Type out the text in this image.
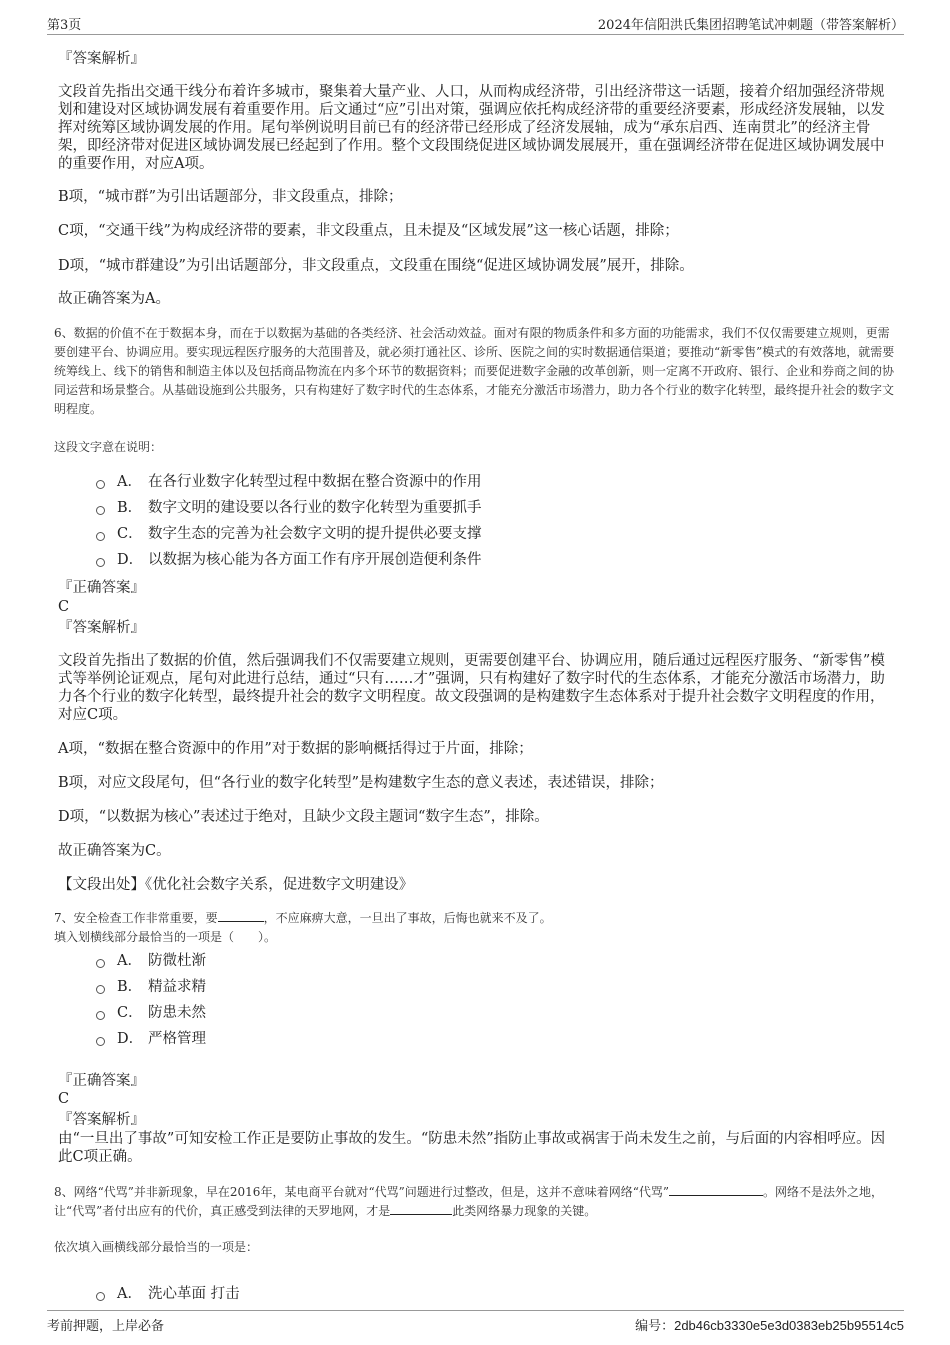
第3页	2024年信阳洪氏集团招聘笔试冲刺题（带答案解析）
『答案解析』

文段首先指出交通干线分布着许多城市，聚集着大量产业、人口，从而构成经济带，引出经济带这一话题，接着介绍加强经济带规划和建设对区域协调发展有着重要作用。后文通过“应”引出对策，强调应依托构成经济带的重要经济要素，形成经济发展轴，以发挥对统筹区域协调发展的作用。尾句举例说明目前已有的经济带已经形成了经济发展轴，成为“承东启西、连南贯北”的经济主骨架，即经济带对促进区域协调发展已经起到了作用。整个文段围绕促进区域协调发展展开，重在强调经济带在促进区域协调发展中的重要作用，对应A项。

B项，“城市群”为引出话题部分，非文段重点，排除；
C项，“交通干线”为构成经济带的要素，非文段重点，且未提及“区域发展”这一核心话题，排除；
D项，“城市群建设”为引出话题部分，非文段重点，文段重在围绕“促进区域协调发展”展开，排除。
故正确答案为A。

6、数据的价值不在于数据本身，而在于以数据为基础的各类经济、社会活动效益。面对有限的物质条件和多方面的功能需求，我们不仅仅需要建立规则，更需要创建平台、协调应用。要实现远程医疗服务的大范围普及，就必须打通社区、诊所、医院之间的实时数据通信渠道；要推动“新零售”模式的有效落地，就需要统筹线上、线下的销售和制造主体以及包括商品物流在内多个环节的数据资料；而要促进数字金融的改革创新，则一定离不开政府、银行、企业和券商之间的协同运营和场景整合。从基础设施到公共服务，只有构建好了数字时代的生态体系，才能充分激活市场潜力，助力各个行业的数字化转型，最终提升社会的数字文明程度。

这段文字意在说明：
A． 在各行业数字化转型过程中数据在整合资源中的作用
B． 数字文明的建设要以各行业的数字化转型为重要抓手
C． 数字生态的完善为社会数字文明的提升提供必要支撑
D． 以数据为核心能为各方面工作有序开展创造便利条件
『正确答案』
C
『答案解析』

文段首先指出了数据的价值，然后强调我们不仅需要建立规则，更需要创建平台、协调应用，随后通过远程医疗服务、“新零售”模式等举例论证观点，尾句对此进行总结，通过“只有……才”强调，只有构建好了数字时代的生态体系，才能充分激活市场潜力，助力各个行业的数字化转型，最终提升社会的数字文明程度。故文段强调的是构建数字生态体系对于提升社会数字文明程度的作用，对应C项。

A项，“数据在整合资源中的作用”对于数据的影响概括得过于片面，排除；
B项，对应文段尾句，但“各行业的数字化转型”是构建数字生态的意义表述，表述错误，排除；
D项，“以数据为核心”表述过于绝对，且缺少文段主题词“数字生态”，排除。
故正确答案为C。
【文段出处】《优化社会数字关系，促进数字文明建设》
7、安全检查工作非常重要，要	，不应麻痹大意，一旦出了事故，后悔也就来不及了。
填入划横线部分最恰当的一项是（　　）。
A． 防微杜渐
B． 精益求精
C． 防患未然
D． 严格管理
『正确答案』
C
『答案解析』

由“一旦出了事故”可知安检工作正是要防止事故的发生。“防患未然”指防止事故或祸害于尚未发生之前，与后面的内容相呼应。因此C项正确。

8、网络“代骂”并非新现象，早在2016年，某电商平台就对“代骂”问题进行过整改，但是，这并不意味着网络“代骂”	。网络不是法外之地，让“代骂”者付出应有的代价，真正感受到法律的天罗地网，才是	此类网络暴力现象的关键。

依次填入画横线部分最恰当的一项是：
A． 洗心革面 打击
考前押题，上岸必备	编号：2db46cb3330e5e3d0383eb25b95514c5
